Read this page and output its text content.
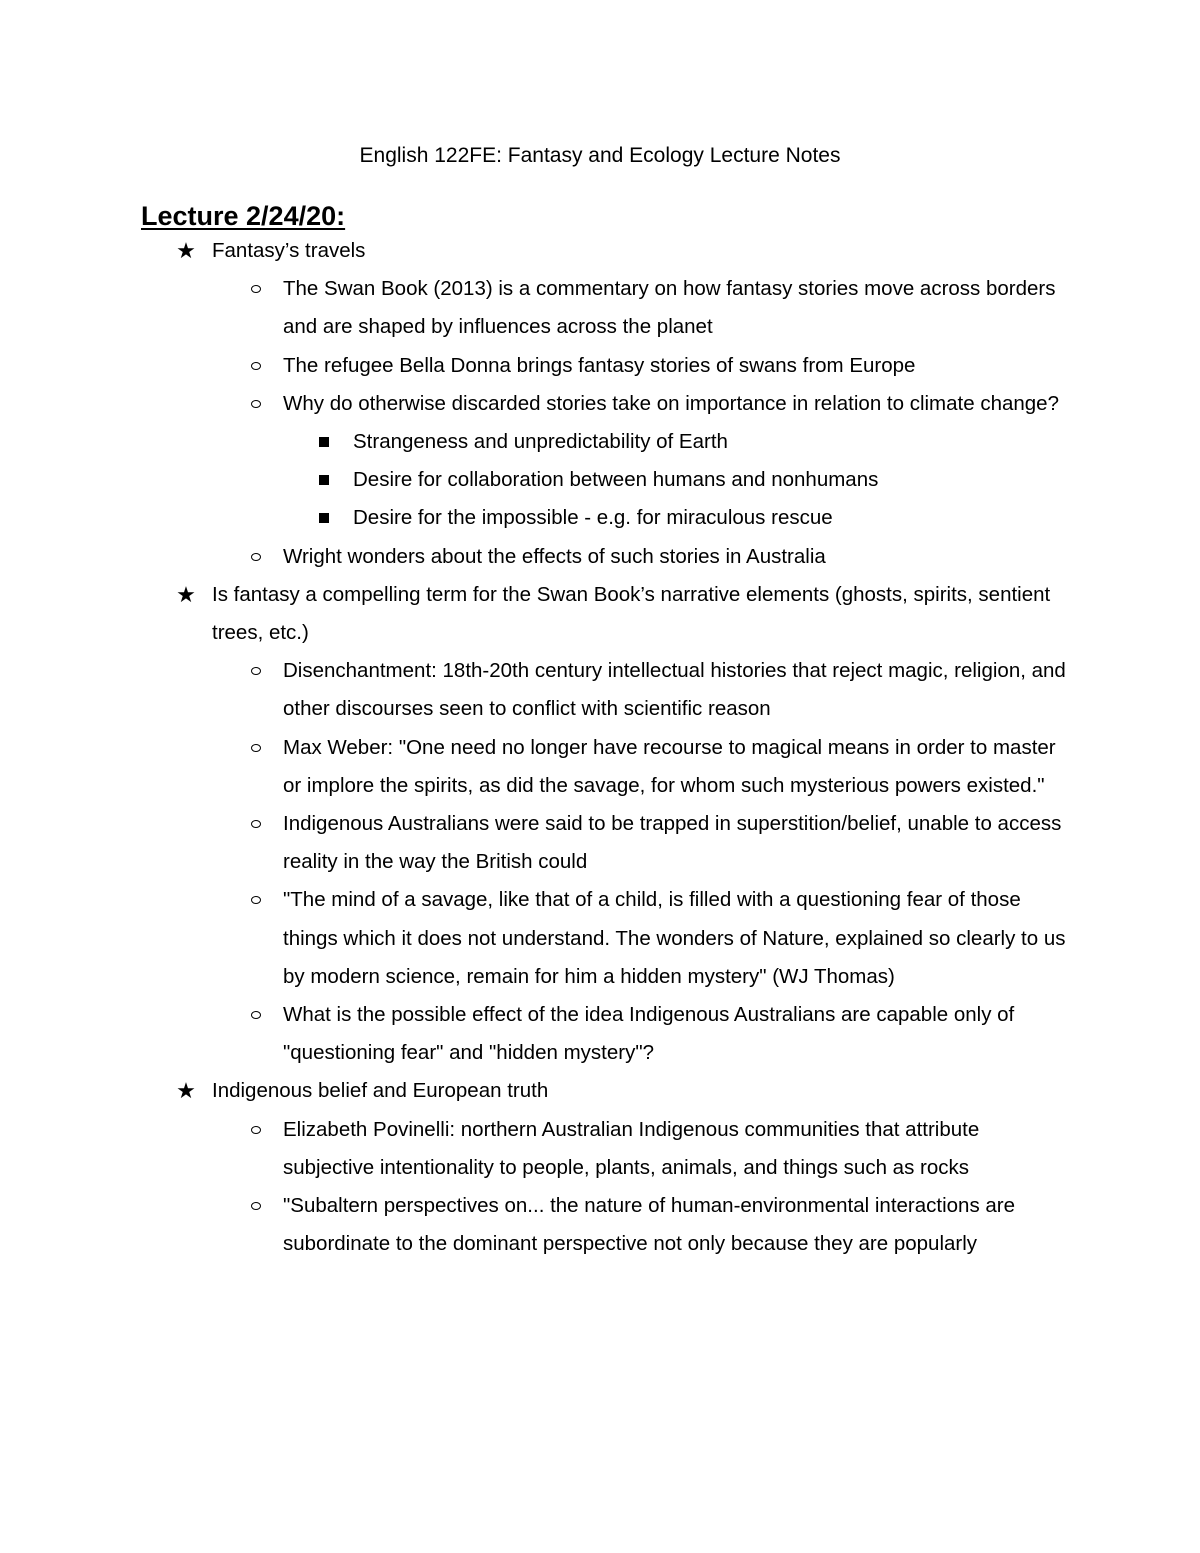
English 122FE: Fantasy and Ecology Lecture Notes
Lecture 2/24/20:
★ Fantasy’s travels
The Swan Book (2013) is a commentary on how fantasy stories move across borders and are shaped by influences across the planet
The refugee Bella Donna brings fantasy stories of swans from Europe
Why do otherwise discarded stories take on importance in relation to climate change?
Strangeness and unpredictability of Earth
Desire for collaboration between humans and nonhumans
Desire for the impossible - e.g. for miraculous rescue
Wright wonders about the effects of such stories in Australia
★ Is fantasy a compelling term for the Swan Book’s narrative elements (ghosts, spirits, sentient trees, etc.)
Disenchantment: 18th-20th century intellectual histories that reject magic, religion, and other discourses seen to conflict with scientific reason
Max Weber: "One need no longer have recourse to magical means in order to master or implore the spirits, as did the savage, for whom such mysterious powers existed."
Indigenous Australians were said to be trapped in superstition/belief, unable to access reality in the way the British could
"The mind of a savage, like that of a child, is filled with a questioning fear of those things which it does not understand. The wonders of Nature, explained so clearly to us by modern science, remain for him a hidden mystery" (WJ Thomas)
What is the possible effect of the idea Indigenous Australians are capable only of "questioning fear" and "hidden mystery"?
★ Indigenous belief and European truth
Elizabeth Povinelli: northern Australian Indigenous communities that attribute subjective intentionality to people, plants, animals, and things such as rocks
"Subaltern perspectives on... the nature of human-environmental interactions are subordinate to the dominant perspective not only because they are popularly
